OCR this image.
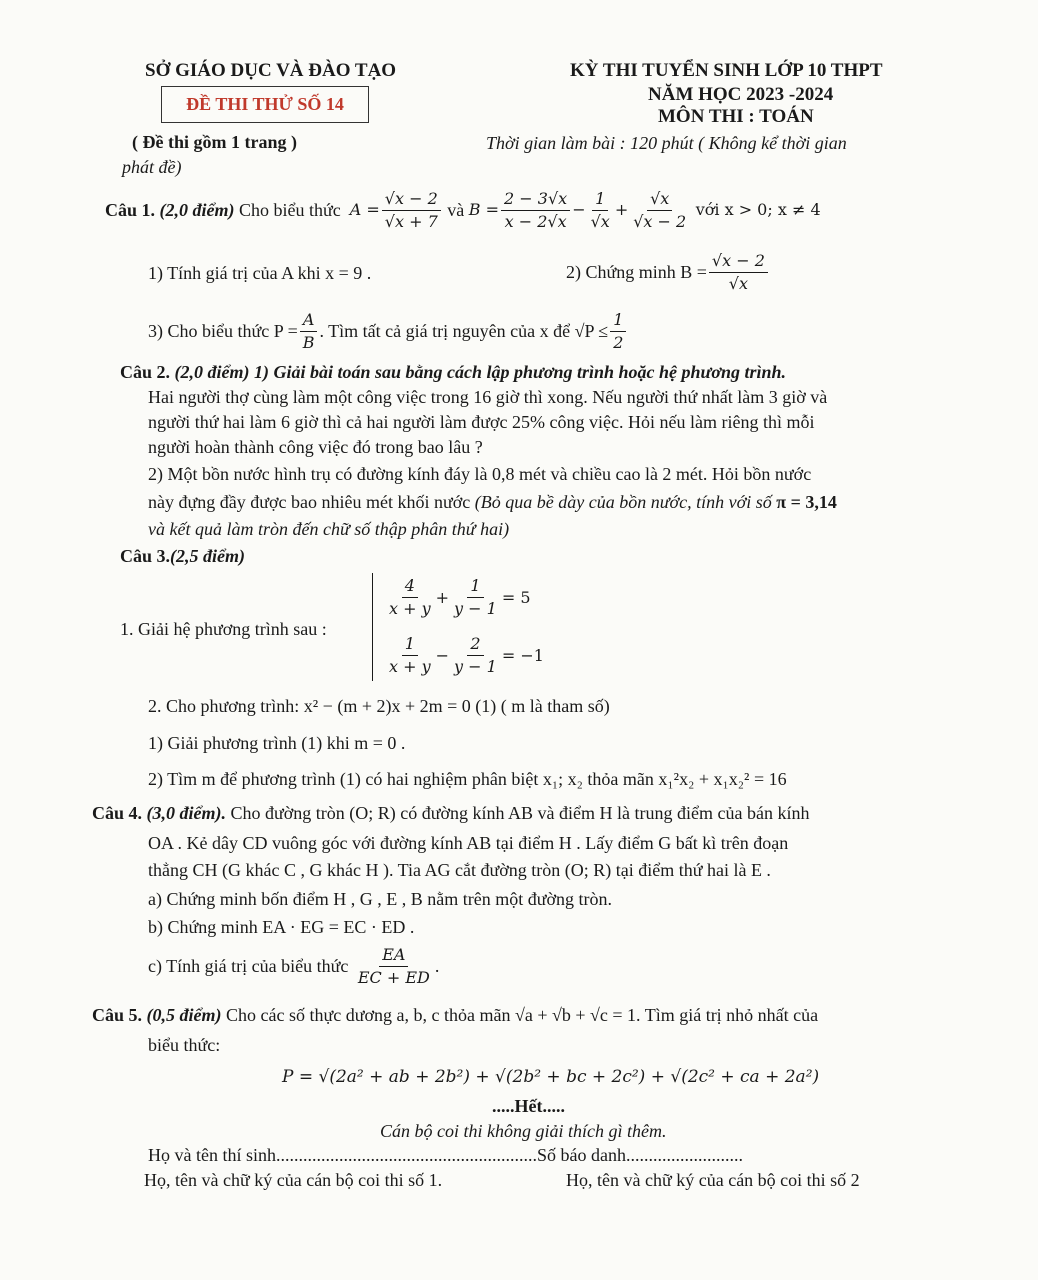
SỞ GIÁO DỤC VÀ ĐÀO TẠO
ĐỀ THI THỬ SỐ 14
( Đề thi gồm 1 trang )
KỲ THI TUYỂN SINH LỚP 10 THPT
NĂM HỌC 2023 -2024
MÔN THI : TOÁN
Thời gian làm bài : 120 phút ( Không kể thời gian
phát đề)
Câu 1.
(2,0 điểm)
Cho biểu thức
$A = \frac{√x - 2}{√x + 7}$
và
$B = \frac{2 - 3√x}{x - 2√x} - \frac{1}{√x} + \frac{√x}{√x - 2}$
với x > 0; x ≠ 4
1) Tính giá trị của A khi x = 9 .	2) Chứng minh $B = \frac{√x - 2}{√x}$
3) Cho biểu thức $P = \frac{A}{B}$ . Tìm tất cả giá trị nguyên của x để $√P \le \frac{1}{2}$
Câu 2. (2,0 điểm) 1) Giải bài toán sau bằng cách lập phương trình hoặc hệ phương trình.
Hai người thợ cùng làm một công việc trong 16 giờ thì xong. Nếu người thứ nhất làm 3 giờ và
người thứ hai làm 6 giờ thì cả hai người làm được 25% công việc. Hỏi nếu làm riêng thì mỗi
người hoàn thành công việc đó trong bao lâu ?
2) Một bồn nước hình trụ có đường kính đáy là 0,8 mét và chiều cao là 2 mét. Hỏi bồn nước
này đựng đầy được bao nhiêu mét khối nước (Bỏ qua bề dày của bồn nước, tính với số π = 3,14
và kết quả làm tròn đến chữ số thập phân thứ hai)
Câu 3.(2,5 điểm)
1. Giải hệ phương trình sau :
$\frac{4}{x + y} + \frac{1}{y - 1} = 5$
$\frac{1}{x + y} - \frac{2}{y - 1} = -1$
2. Cho phương trình: x² − (m + 2)x + 2m = 0 (1) ( m là tham số)
1) Giải phương trình (1) khi m = 0 .
2) Tìm m để phương trình (1) có hai nghiệm phân biệt x₁; x₂ thỏa mãn x₁²x₂ + x₁x₂² = 16
Câu 4. (3,0 điểm). Cho đường tròn (O; R) có đường kính AB và điểm H là trung điểm của bán kính
OA . Kẻ dây CD vuông góc với đường kính AB tại điểm H . Lấy điểm G bất kì trên đoạn
thẳng CH (G khác C , G khác H ). Tia AG cắt đường tròn (O; R) tại điểm thứ hai là E .
a) Chứng minh bốn điểm H , G , E , B nằm trên một đường tròn.
b) Chứng minh EA · EG = EC · ED .
c) Tính giá trị của biểu thức
$\frac{EA}{EC + ED}$ .
Câu 5. (0,5 điểm) Cho các số thực dương a, b, c thỏa mãn √a + √b + √c = 1. Tìm giá trị nhỏ nhất của
biểu thức:
P = √(2a² + ab + 2b²) + √(2b² + bc + 2c²) + √(2c² + ca + 2a²)
.....Hết.....
Cán bộ coi thi không giải thích gì thêm.
Họ và tên thí sinh..........................................................Số báo danh..........................
Họ, tên và chữ ký của cán bộ coi thi số 1.	Họ, tên và chữ ký của cán bộ coi thi số 2
